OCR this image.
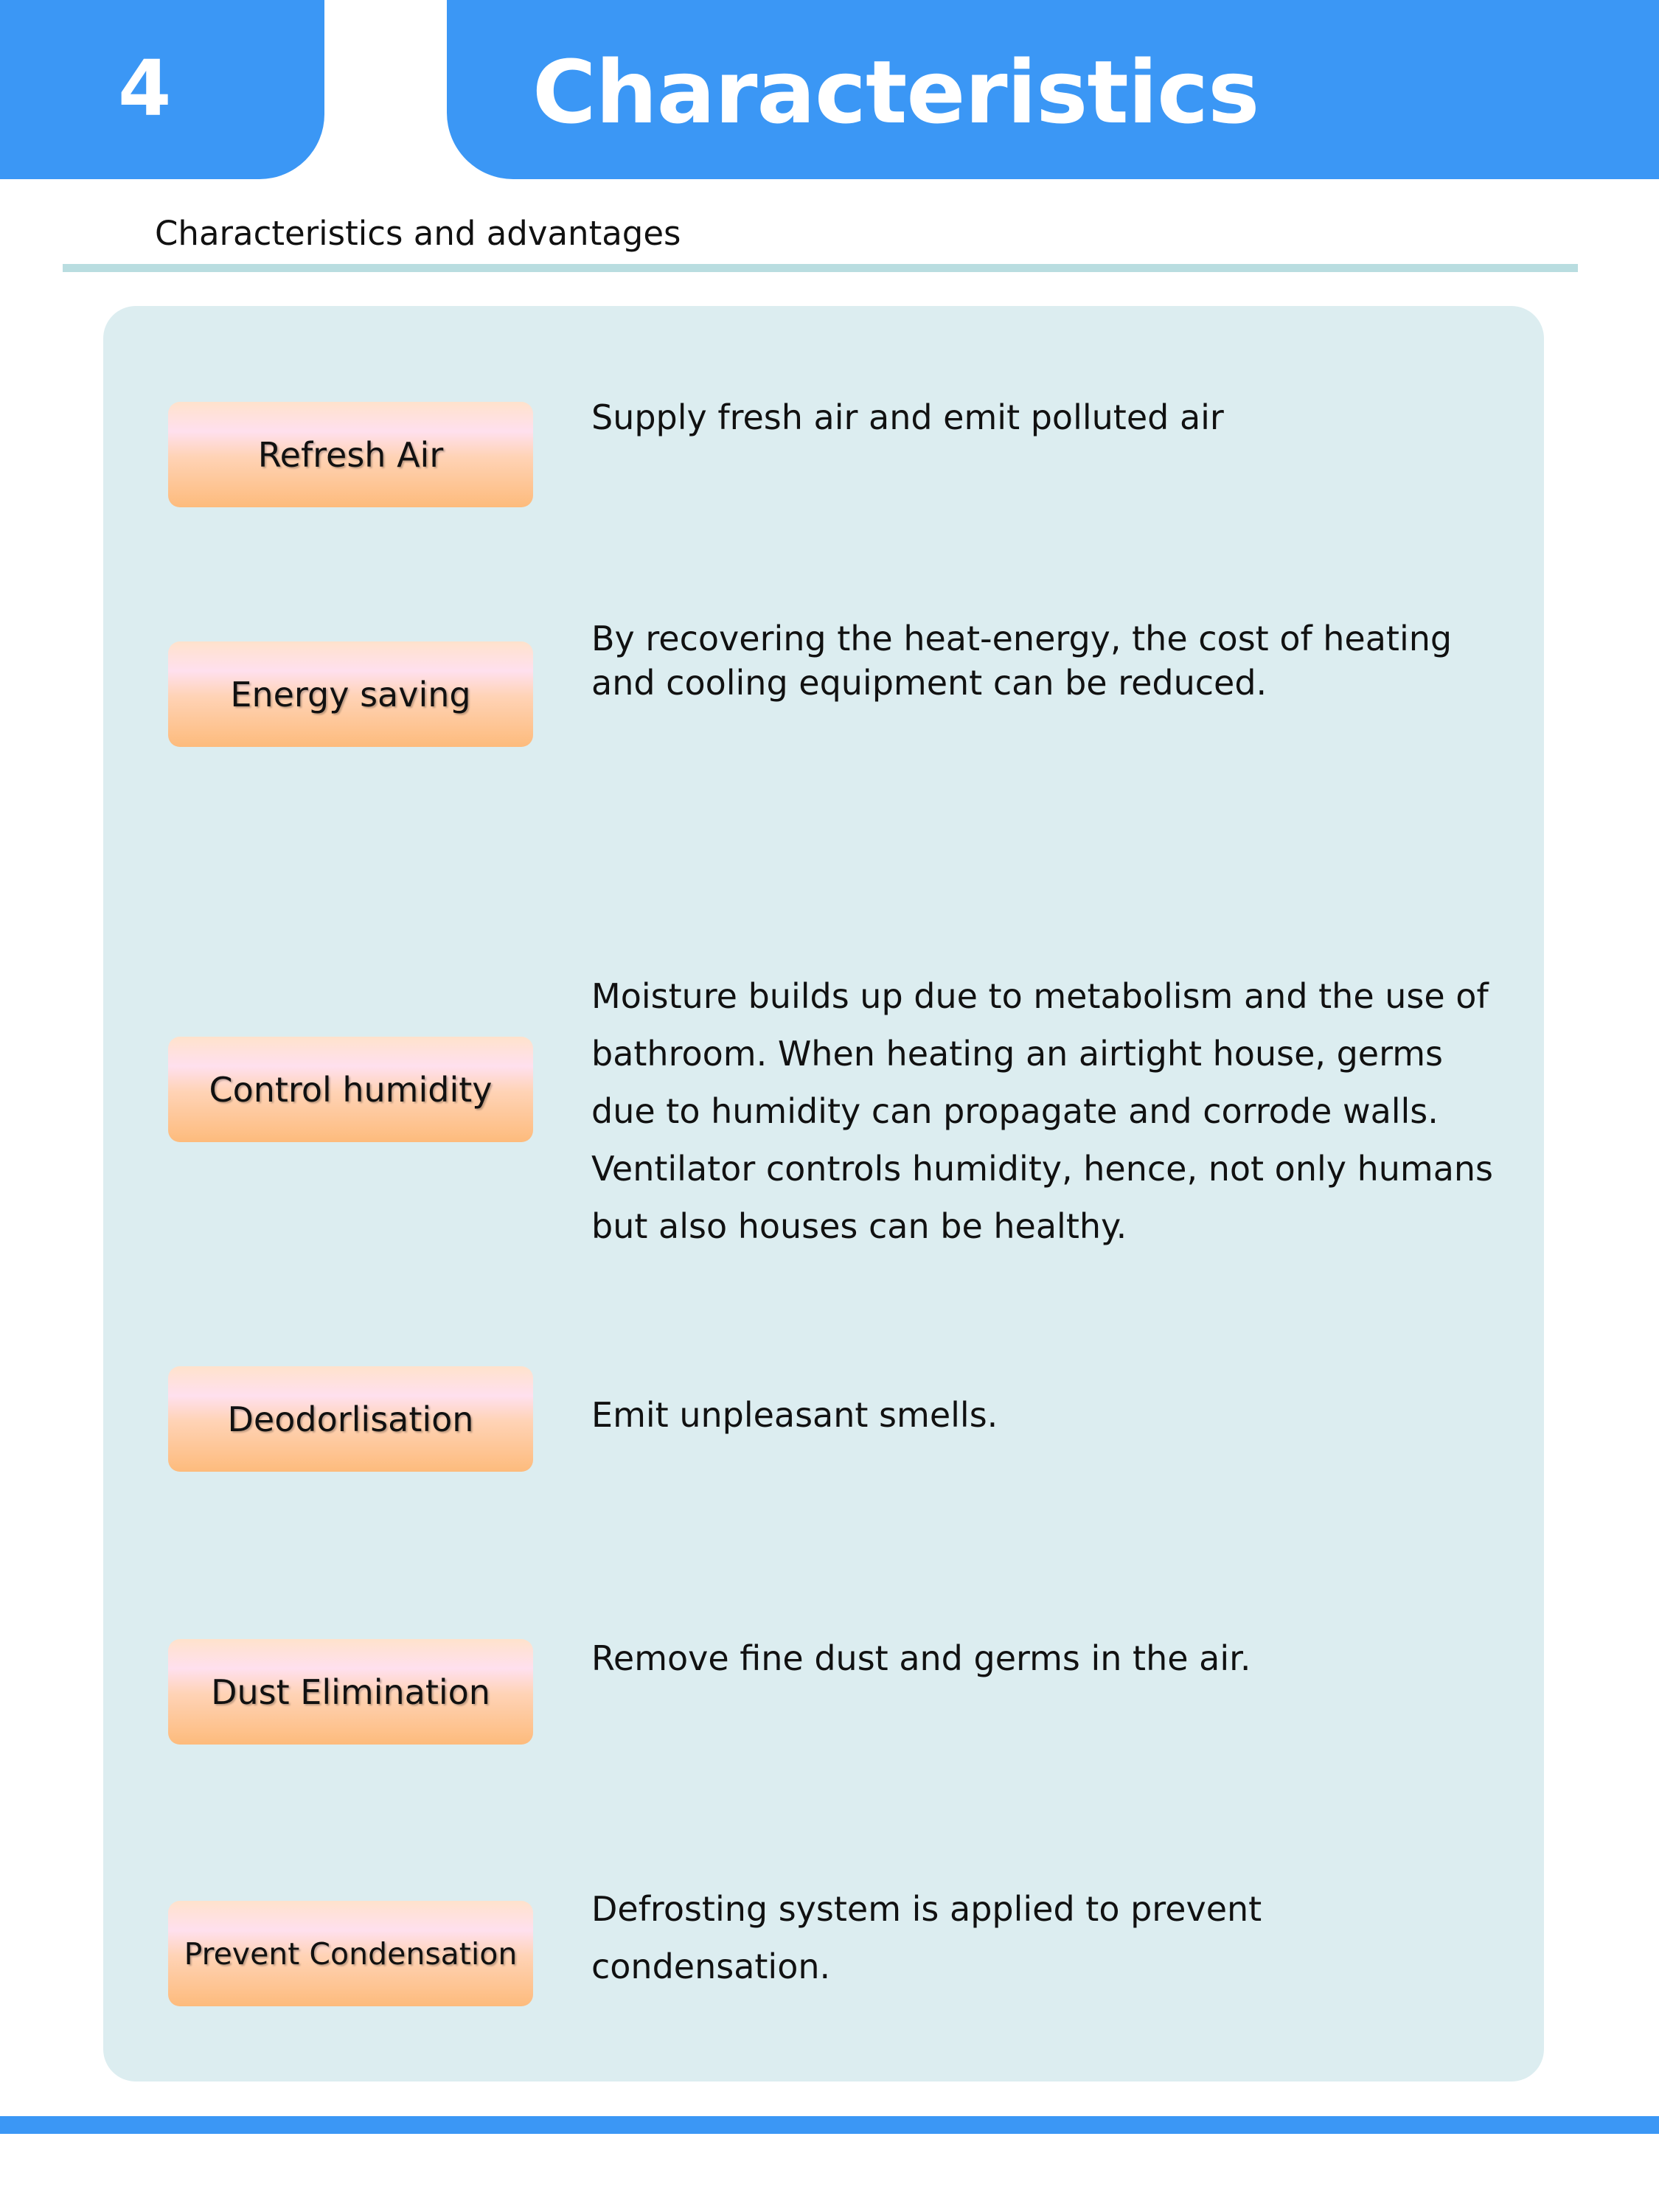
4	Characteristics
Characteristics and advantages
Refresh Air

Supply fresh air and emit polluted air

Energy saving

By recovering the heat-energy, the cost of heating and cooling equipment can be reduced.

Control humidity

Moisture builds up due to metabolism and the use of bathroom. When heating an airtight house, germs due to humidity can propagate and corrode walls. Ventilator controls humidity, hence, not only humans but also houses can be healthy.

Deodorlisation	Emit unpleasant smells.

Dust Elimination

Remove fine dust and germs in the air.

Prevent Condensation

Defrosting system is applied to prevent condensation.
